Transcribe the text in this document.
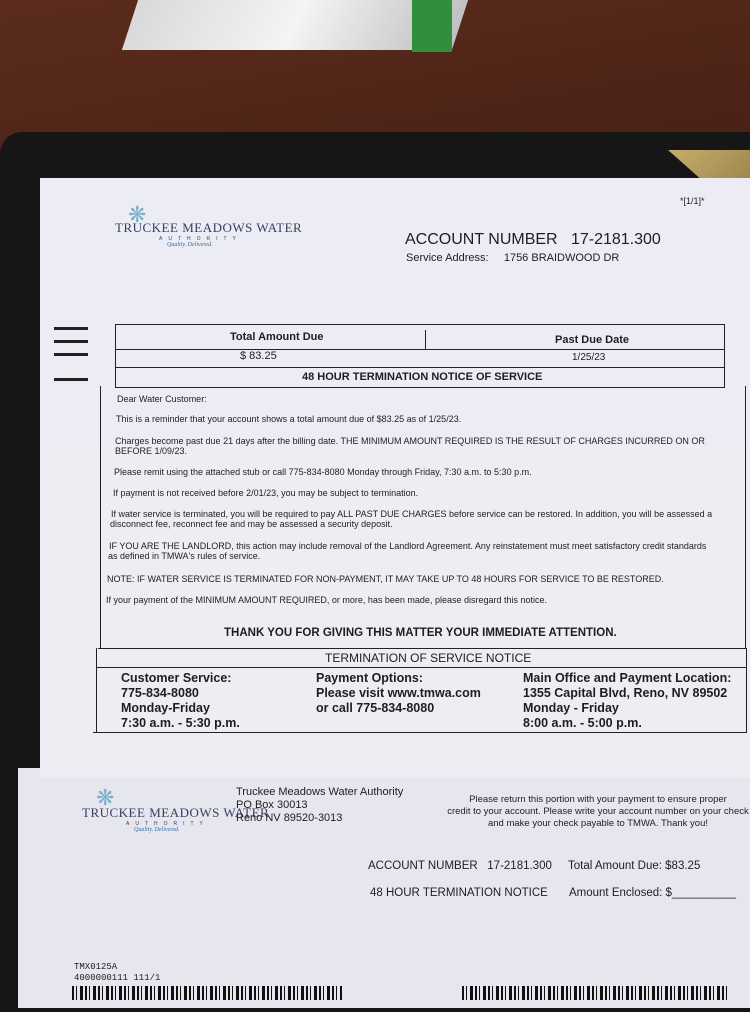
*[1/1]*
❋
TRUCKEE MEADOWS WATER
AUTHORITY
Quality. Delivered.	ACCOUNT NUMBER 17-2181.300
Service Address: 1756 BRAIDWOOD DR
Total Amount Due	Past Due Date
$ 83.25	1/25/23
48 HOUR TERMINATION NOTICE OF SERVICE
Dear Water Customer:
This is a reminder that your account shows a total amount due of $83.25 as of 1/25/23.
Charges become past due 21 days after the billing date. THE MINIMUM AMOUNT REQUIRED IS THE RESULT OF CHARGES INCURRED ON OR
BEFORE 1/09/23.
Please remit using the attached stub or call 775-834-8080 Monday through Friday, 7:30 a.m. to 5:30 p.m.
If payment is not received before 2/01/23, you may be subject to termination.
If water service is terminated, you will be required to pay ALL PAST DUE CHARGES before service can be restored. In addition, you will be assessed a
disconnect fee, reconnect fee and may be assessed a security deposit.
IF YOU ARE THE LANDLORD, this action may include removal of the Landlord Agreement. Any reinstatement must meet satisfactory credit standards
as defined in TMWA's rules of service.
NOTE: IF WATER SERVICE IS TERMINATED FOR NON-PAYMENT, IT MAY TAKE UP TO 48 HOURS FOR SERVICE TO BE RESTORED.
If your payment of the MINIMUM AMOUNT REQUIRED, or more, has been made, please disregard this notice.
THANK YOU FOR GIVING THIS MATTER YOUR IMMEDIATE ATTENTION.
TERMINATION OF SERVICE NOTICE
Customer Service:
775-834-8080
Monday-Friday
7:30 a.m. - 5:30 p.m.
Payment Options:
Please visit www.tmwa.com
or call 775-834-8080
Main Office and Payment Location:
1355 Capital Blvd, Reno, NV 89502
Monday - Friday
8:00 a.m. - 5:00 p.m.
❋
TRUCKEE MEADOWS WATER
AUTHORITY
Quality. Delivered.
Truckee Meadows Water Authority
PO Box 30013
Reno NV 89520-3013
Please return this portion with your payment to ensure proper
credit to your account. Please write your account number on your check
and make your check payable to TMWA. Thank you!
ACCOUNT NUMBER 17-2181.300 Total Amount Due: $83.25
48 HOUR TERMINATION NOTICE Amount Enclosed: $__________
TMX0125A
4000000111 111/1
